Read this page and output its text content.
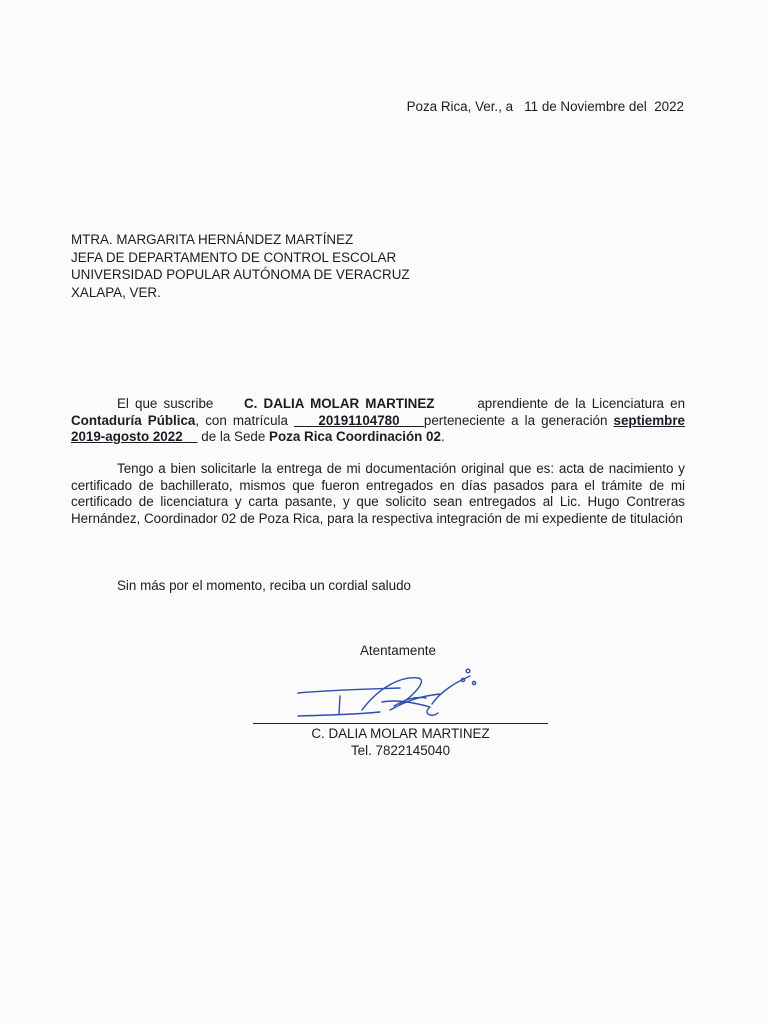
Poza Rica, Ver., a   11 de Noviembre del  2022
MTRA. MARGARITA HERNÁNDEZ MARTÍNEZ
JEFA DE DEPARTAMENTO DE CONTROL ESCOLAR
UNIVERSIDAD POPULAR AUTÓNOMA DE VERACRUZ
XALAPA, VER.
El que suscribe     C. DALIA MOLAR MARTINEZ	aprendiente de la Licenciatura en Contaduría Pública, con matrícula     20191104780 perteneciente a la generación septiembre 2019-agosto 2022 de la Sede Poza Rica Coordinación 02.
Tengo a bien solicitarle la entrega de mi documentación original que es: acta de nacimiento y certificado de bachillerato, mismos que fueron entregados en días pasados para el trámite de mi certificado de licenciatura y carta pasante, y que solicito sean entregados al Lic. Hugo Contreras Hernández, Coordinador 02 de Poza Rica, para la respectiva integración de mi expediente de titulación
Sin más por el momento, reciba un cordial saludo
Atentamente
C. DALIA MOLAR MARTINEZ
Tel. 7822145040
